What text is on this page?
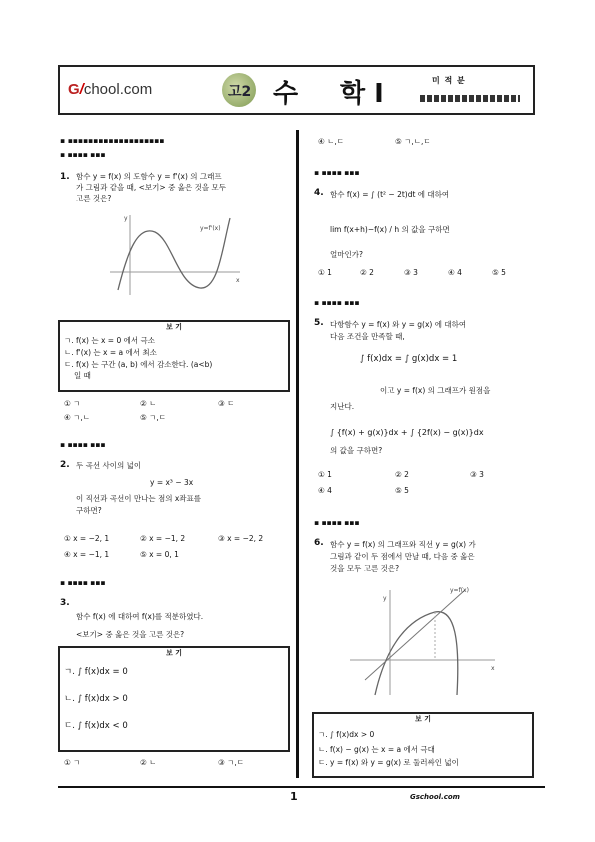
G/chool.com	고2 수 학 I	미 적 분
▪ ▪▪▪▪▪▪▪▪▪▪▪▪▪▪▪▪▪▪▪
▪ ▪▪▪▪ ▪▪▪
1. 함수 y = f(x) 의 도함수 y = f'(x) 의 그래프
가 그림과 같을 때, <보기> 중 옳은 것을 모두
고른 것은?
y=f'(x)
y
x
보 기
ㄱ. f(x) 는 x = 0 에서 극소
ㄴ. f'(x) 는 x = a 에서 최소
ㄷ. f(x) 는 구간 (a, b) 에서 감소한다. (a<b)
일 때
① ㄱ	② ㄴ	③ ㄷ
④ ㄱ,ㄴ	⑤ ㄱ,ㄷ
▪ ▪▪▪▪ ▪▪▪
2. 두 곡선 사이의 넓이
y = x³ − 3x
이 직선과 곡선이 만나는 점의 x좌표를
구하면?
① x = −2, 1	② x = −1, 2	③ x = −2, 2
④ x = −1, 1	⑤ x = 0, 1
▪ ▪▪▪▪ ▪▪▪
3.
함수 f(x) 에 대하여 f(x)를 적분하였다.
<보기> 중 옳은 것을 고른 것은?
보 기
ㄱ. ∫ f(x)dx = 0
ㄴ. ∫ f(x)dx > 0
ㄷ. ∫ f(x)dx < 0
① ㄱ	② ㄴ	③ ㄱ,ㄷ
④ ㄴ,ㄷ	⑤ ㄱ,ㄴ,ㄷ
▪ ▪▪▪▪ ▪▪▪
4. 함수 f(x) = ∫ (t² − 2t)dt 에 대하여
lim f(x+h)−f(x) / h 의 값을 구하면
얼마인가?
① 1	② 2	③ 3	④ 4	⑤ 5
▪ ▪▪▪▪ ▪▪▪
5. 다항함수 y = f(x) 와 y = g(x) 에 대하여
다음 조건을 만족할 때,
∫ f(x)dx = ∫ g(x)dx = 1
이고 y = f(x) 의 그래프가 원점을
지난다.
∫ {f(x) + g(x)}dx + ∫ {2f(x) − g(x)}dx
의 값을 구하면?
① 1	② 2	③ 3
④ 4	⑤ 5
▪ ▪▪▪▪ ▪▪▪
6. 함수 y = f(x) 의 그래프와 직선 y = g(x) 가
그림과 같이 두 점에서 만날 때, 다음 중 옳은
것을 모두 고른 것은?
y=f(x)
y
x
보 기
ㄱ. ∫ f(x)dx > 0
ㄴ. f(x) − g(x) 는 x = a 에서 극대
ㄷ. y = f(x) 와 y = g(x) 로 둘러싸인 넓이
1	Gschool.com
